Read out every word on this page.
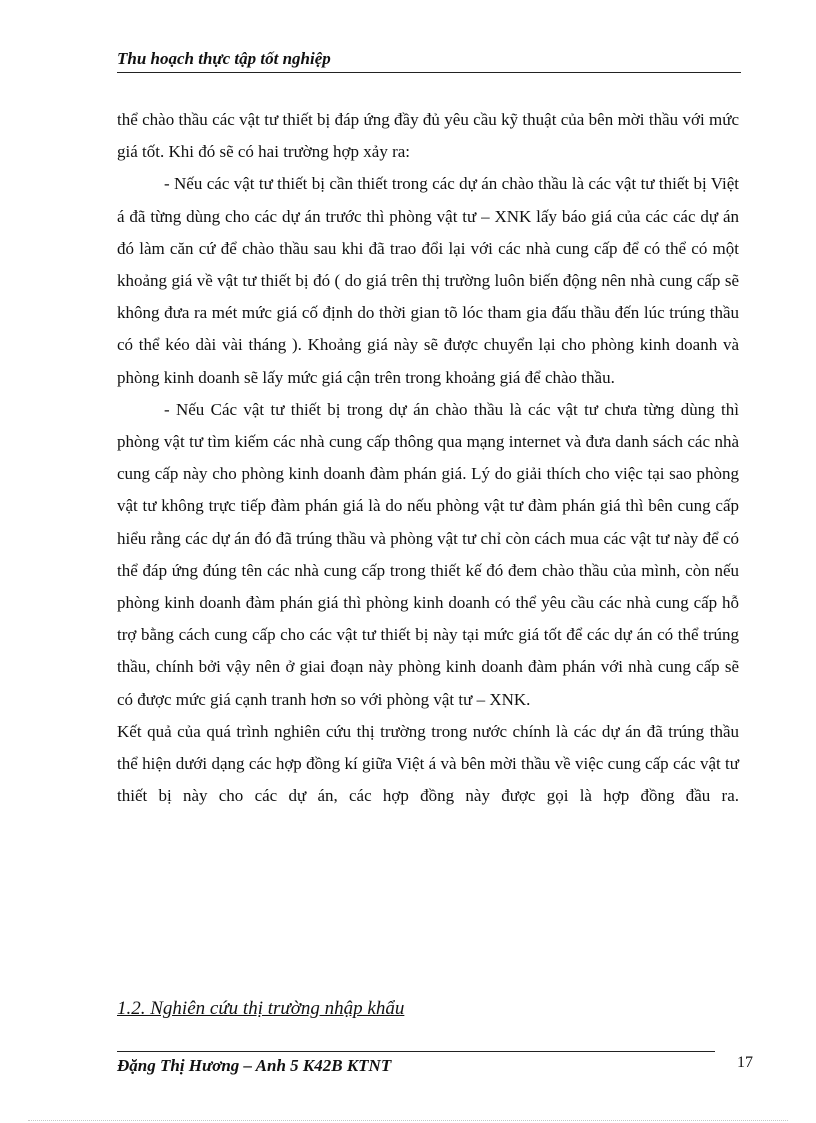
Thu hoạch thực tập tốt nghiệp

thể chào thầu các vật tư thiết bị đáp ứng đầy đủ yêu cầu kỹ thuật của bên mời thầu với mức giá tốt. Khi đó sẽ có hai trường hợp xảy ra:

- Nếu các vật tư thiết bị cần thiết trong các dự án chào thầu là các vật tư thiết bị Việt á đã từng dùng cho các dự án trước thì phòng vật tư – XNK lấy báo giá của các các dự án đó làm căn cứ để chào thầu sau khi đã trao đổi lại với các nhà cung cấp để có thể có một khoảng giá về vật tư thiết bị đó ( do giá trên thị trường luôn biến động nên nhà cung cấp sẽ không đưa ra mét mức giá cố định do thời gian tõ lóc tham gia đấu thầu đến lúc trúng thầu có thể kéo dài vài tháng ). Khoảng giá này sẽ được chuyển lại cho phòng kinh doanh và phòng kinh doanh sẽ lấy mức giá cận trên trong khoảng giá để chào thầu.

- Nếu Các vật tư thiết bị trong dự án chào thầu là các vật tư chưa từng dùng thì phòng vật tư tìm kiếm các nhà cung cấp thông qua mạng internet và đưa danh sách các nhà cung cấp này cho phòng kinh doanh đàm phán giá. Lý do giải thích cho việc tại sao phòng vật tư không trực tiếp đàm phán giá là do nếu phòng vật tư đàm phán giá thì bên cung cấp hiểu rằng các dự án đó đã trúng thầu và phòng vật tư chỉ còn cách mua các vật tư này để có thể đáp ứng đúng tên các nhà cung cấp trong thiết kế đó đem chào thầu của mình, còn nếu phòng kinh doanh đàm phán giá thì phòng kinh doanh có thể yêu cầu các nhà cung cấp hỗ trợ bằng cách cung cấp cho các vật tư thiết bị này tại mức giá tốt để các dự án có thể trúng thầu, chính bởi vậy nên ở giai đoạn này phòng kinh doanh đàm phán với nhà cung cấp sẽ có được mức giá cạnh tranh hơn so với phòng vật tư – XNK.

Kết quả của quá trình nghiên cứu thị trường trong nước chính là các dự án đã trúng thầu thể hiện dưới dạng các hợp đồng kí giữa Việt á và bên mời thầu về việc cung cấp các vật tư thiết bị này cho các dự án, các hợp đồng này được gọi là hợp đồng đầu ra.

1.2. Nghiên cứu thị trường nhập khẩu
Đặng Thị Hương – Anh 5 K42B KTNT	17
